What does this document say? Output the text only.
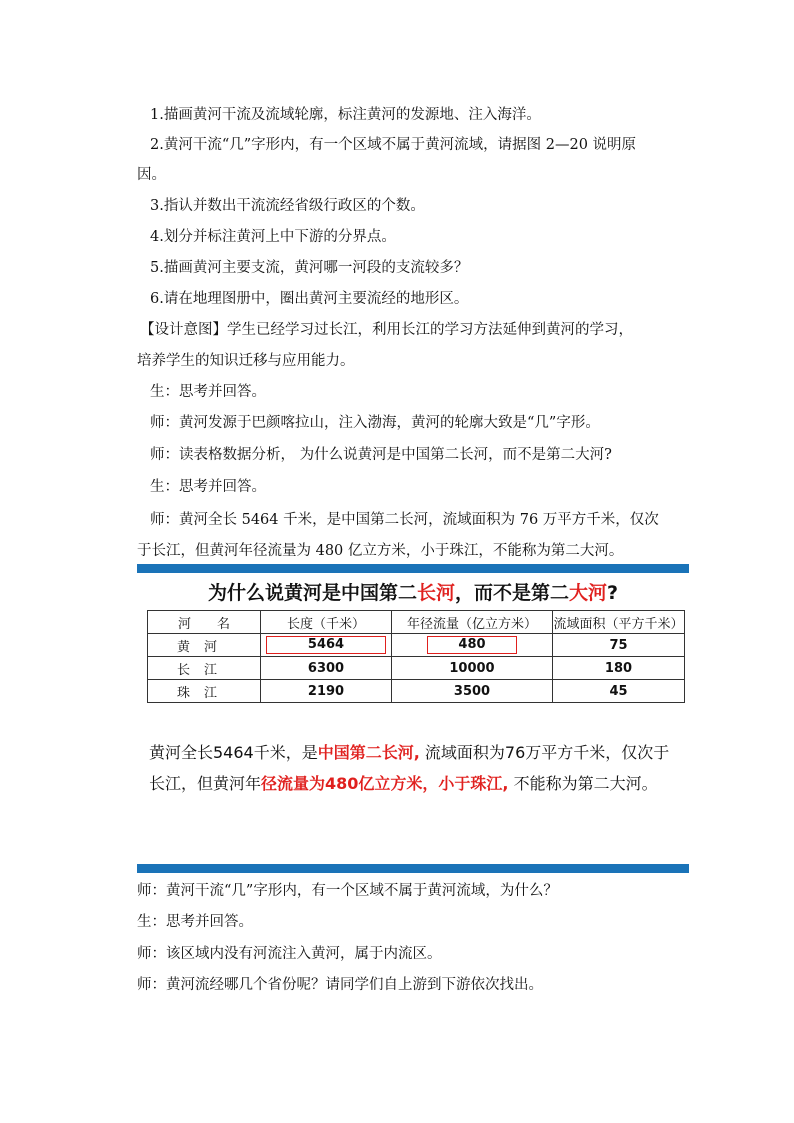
1.描画黄河干流及流域轮廓，标注黄河的发源地、注入海洋。

2.黄河干流“几”字形内，有一个区域不属于黄河流域，请据图 2—20 说明原

因。

3.指认并数出干流流经省级行政区的个数。

4.划分并标注黄河上中下游的分界点。

5.描画黄河主要支流，黄河哪一河段的支流较多？

6.请在地理图册中，圈出黄河主要流经的地形区。

【设计意图】学生已经学习过长江，利用长江的学习方法延伸到黄河的学习，

培养学生的知识迁移与应用能力。

生：思考并回答。

师：黄河发源于巴颜喀拉山，注入渤海，黄河的轮廓大致是“几”字形。

师：读表格数据分析， 为什么说黄河是中国第二长河，而不是第二大河?

生：思考并回答。

师：黄河全长 5464 千米，是中国第二长河，流域面积为 76 万平方千米，仅次

于长江，但黄河年径流量为 480 亿立方米，小于珠江，不能称为第二大河。

为什么说黄河是中国第二长河，而不是第二大河?
河　　名	长度（千米）	年径流量（亿立方米）	流域面积（平方千米）
黄河	5464	480	75
长江	6300	10000	180
珠江	2190	3500	45
黄河全长5464千米，是中国第二长河, 流域面积为76万平方千米，仅次于
长江，但黄河年径流量为480亿立方米，小于珠江, 不能称为第二大河。

师：黄河干流“几”字形内，有一个区域不属于黄河流域，为什么？

生：思考并回答。

师：该区域内没有河流注入黄河，属于内流区。

师：黄河流经哪几个省份呢？请同学们自上游到下游依次找出。
